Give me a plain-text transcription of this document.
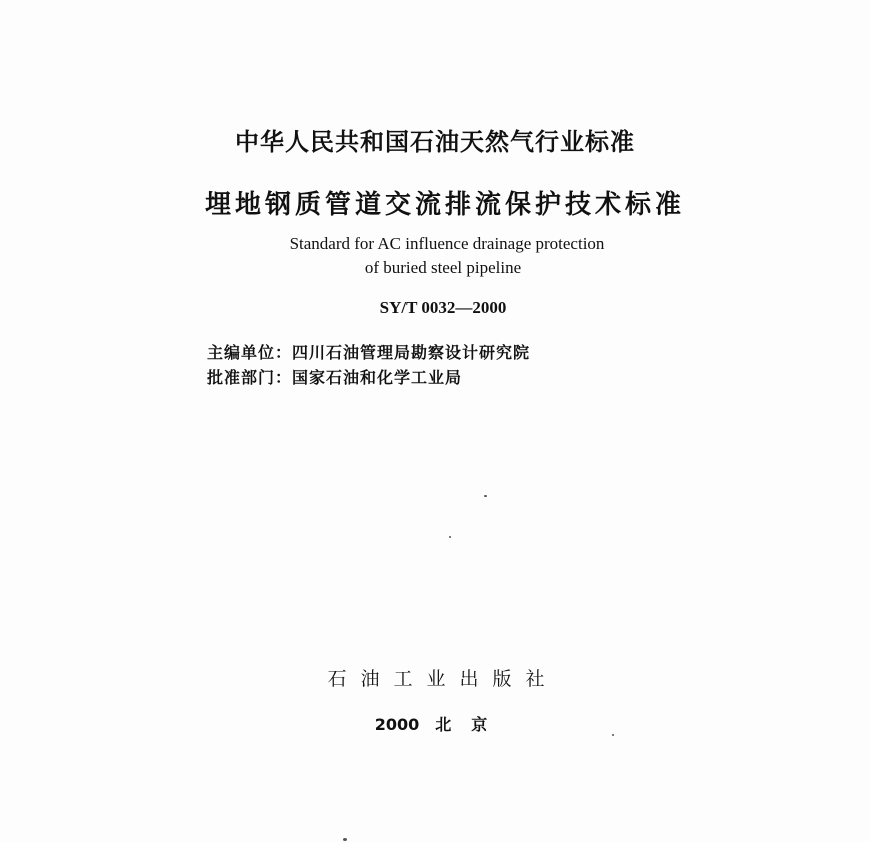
中华人民共和国石油天然气行业标准
埋地钢质管道交流排流保护技术标准
Standard for AC influence drainage protection
of buried steel pipeline
SY/T 0032—2000
主编单位：四川石油管理局勘察设计研究院
批准部门：国家石油和化学工业局
石油工业出版社
2000 北 京
